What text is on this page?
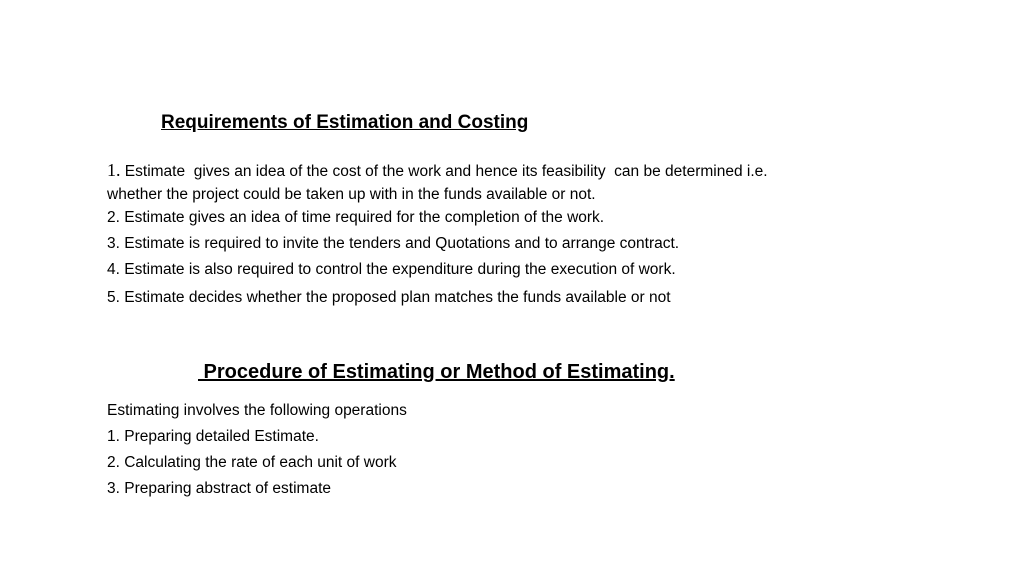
Requirements of Estimation and Costing
1. Estimate  gives an idea of the cost of the work and hence its feasibility  can be determined i.e.
whether the project could be taken up with in the funds available or not.
2. Estimate gives an idea of time required for the completion of the work.
3. Estimate is required to invite the tenders and Quotations and to arrange contract.
4. Estimate is also required to control the expenditure during the execution of work.
5. Estimate decides whether the proposed plan matches the funds available or not
Procedure of Estimating or Method of Estimating.
Estimating involves the following operations
1. Preparing detailed Estimate.
2. Calculating the rate of each unit of work
3. Preparing abstract of estimate
